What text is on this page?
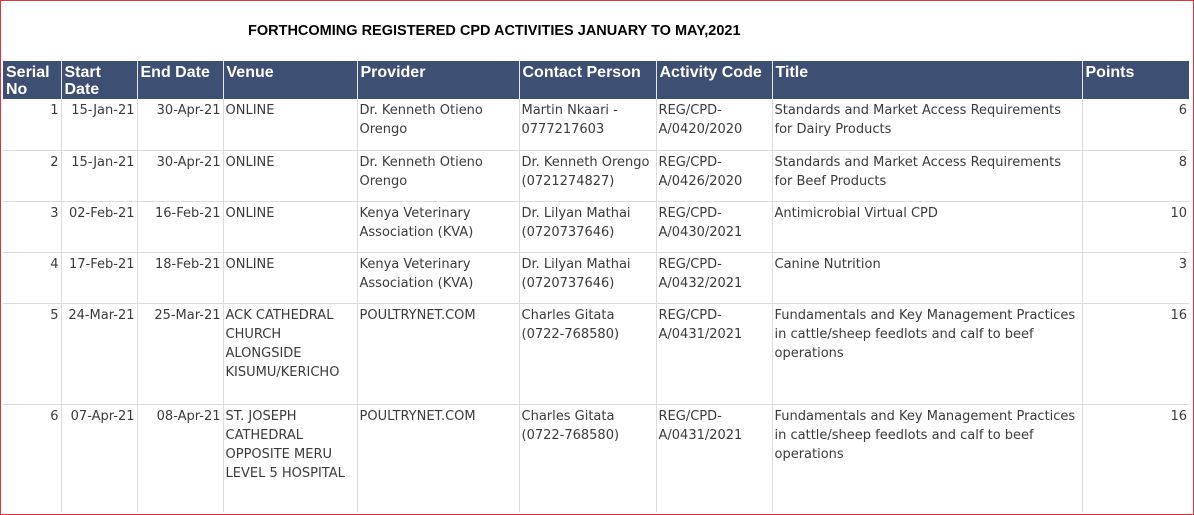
FORTHCOMING REGISTERED CPD ACTIVITIES JANUARY TO MAY,2021
Serial No	Start Date	End Date	Venue	Provider	Contact Person	Activity Code	Title	Points
1	15-Jan-21	30-Apr-21	ONLINE	Dr. Kenneth Otieno Orengo	Martin Nkaari - 0777217603	REG/CPD-A/0420/2020	Standards and Market Access Requirements for Dairy Products	6
2	15-Jan-21	30-Apr-21	ONLINE	Dr. Kenneth Otieno Orengo	Dr. Kenneth Orengo (0721274827)	REG/CPD-A/0426/2020	Standards and Market Access Requirements for Beef Products	8
3	02-Feb-21	16-Feb-21	ONLINE	Kenya Veterinary Association (KVA)	Dr. Lilyan Mathai (0720737646)	REG/CPD-A/0430/2021	Antimicrobial Virtual CPD	10
4	17-Feb-21	18-Feb-21	ONLINE	Kenya Veterinary Association (KVA)	Dr. Lilyan Mathai (0720737646)	REG/CPD-A/0432/2021	Canine Nutrition	3
5	24-Mar-21	25-Mar-21	ACK CATHEDRAL CHURCH ALONGSIDE KISUMU/KERICHO	POULTRYNET.COM	Charles Gitata (0722-768580)	REG/CPD-A/0431/2021	Fundamentals and Key Management Practices in cattle/sheep feedlots and calf to beef operations	16
6	07-Apr-21	08-Apr-21	ST. JOSEPH CATHEDRAL OPPOSITE MERU LEVEL 5 HOSPITAL	POULTRYNET.COM	Charles Gitata (0722-768580)	REG/CPD-A/0431/2021	Fundamentals and Key Management Practices in cattle/sheep feedlots and calf to beef operations	16
